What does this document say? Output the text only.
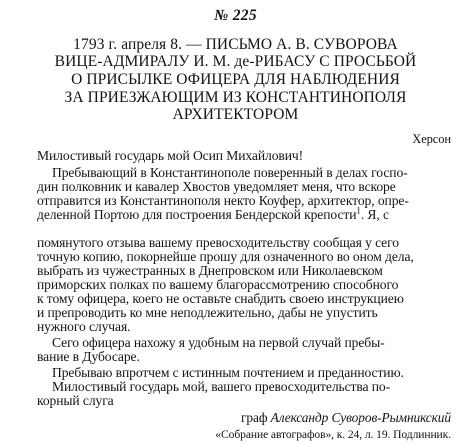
№ 225
1793 г. апреля 8. — ПИСЬМО А. В. СУВОРОВА
ВИЦЕ-АДМИРАЛУ И. М. де-РИБАСУ С ПРОСЬБОЙ
О ПРИСЫЛКЕ ОФИЦЕРА ДЛЯ НАБЛЮДЕНИЯ
ЗА ПРИЕЗЖАЮЩИМ ИЗ КОНСТАНТИНОПОЛЯ
АРХИТЕКТОРОМ
Херсон
Милостивый государь мой Осип Михайлович!
Пребывающий в Константинополе поверенный в делах госпо-
дин полковник и кавалер Хвостов уведомляет меня, что вскоре
отправится из Константинополя некто Коуфер, архитектор, опре-
деленной Портою для построения Бендерской крепости$^1$. Я, с
помянутого отзыва вашему превосходительству сообщая у сего
точную копию, покорнейше прошу для означенного во оном дела,
выбрать из чужестранных в Днепровском или Николаевском
приморских полках по вашему благорассмотрению способного
к тому офицера, коего не оставьте снабдить своею инструкциею
и препроводить ко мне неподлежительно, дабы не упустить
нужного случая.
Сего офицера нахожу я удобным на первой случай пребы-
вание в Дубосаре.
Пребываю впротчем с истинным почтением и преданностию.
Милостивый государь мой, вашего превосходительства по-
корный слуга
граф Александр Суворов-Рымникский
«Собрание автографов», к. 24, л. 19. Подлинник.
